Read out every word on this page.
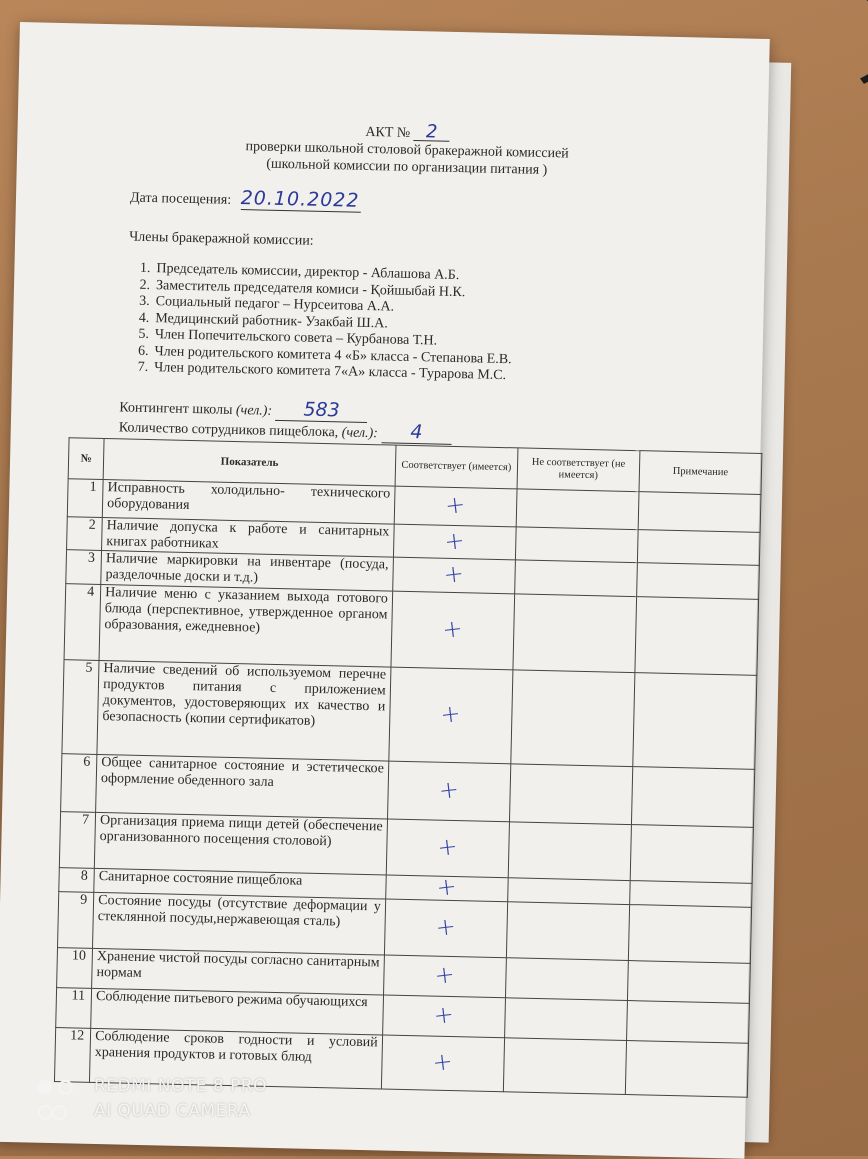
АКТ № 2
проверки школьной столовой бракеражной комиссией
(школьной комиссии по организации питания )
Дата посещения: 20.10.2022
Члены бракеражной комиссии:
1. Председатель комиссии, директор - Аблашова А.Б.
2. Заместитель председателя комиси - Қойшыбай Н.К.
3. Социальный педагог – Нурсеитова А.А.
4. Медицинский работник- Узакбай Ш.А.
5. Член Попечительского совета – Курбанова Т.Н.
6. Член родительского комитета 4 «Б» класса - Степанова Е.В.
7. Член родительского комитета 7«А» класса - Турарова М.С.
Контингент школы (чел.): 583
Количество сотрудников пищеблока, (чел.): 4
№	Показатель	Соответствует (имеется)	Не соответствует (не имеется)	Примечание
1	Исправность холодильно- технического оборудования	+		
2	Наличие допуска к работе и санитарных книгах работниках	+		
3	Наличие маркировки на инвентаре (посуда, разделочные доски и т.д.)	+		
4	Наличие меню с указанием выхода готового блюда (перспективное, утвержденное органом образования, ежедневное)	+		
5	Наличие сведений об используемом перечне продуктов питания с приложением документов, удостоверяющих их качество и безопасность (копии сертификатов)	+		
6	Общее санитарное состояние и эстетическое оформление обеденного зала	+		
7	Организация приема пищи детей (обеспечение организованного посещения столовой)	+		
8	Санитарное состояние пищеблока	+		
9	Состояние посуды (отсутствие деформации у стеклянной посуды,нержавеющая сталь)	+		
10	Хранение чистой посуды согласно санитарным нормам	+		
11	Соблюдение питьевого режима обучающихся	+		
12	Соблюдение сроков годности и условий хранения продуктов и готовых блюд	+		
REDMI NOTE 8 PRO
AI QUAD CAMERA
